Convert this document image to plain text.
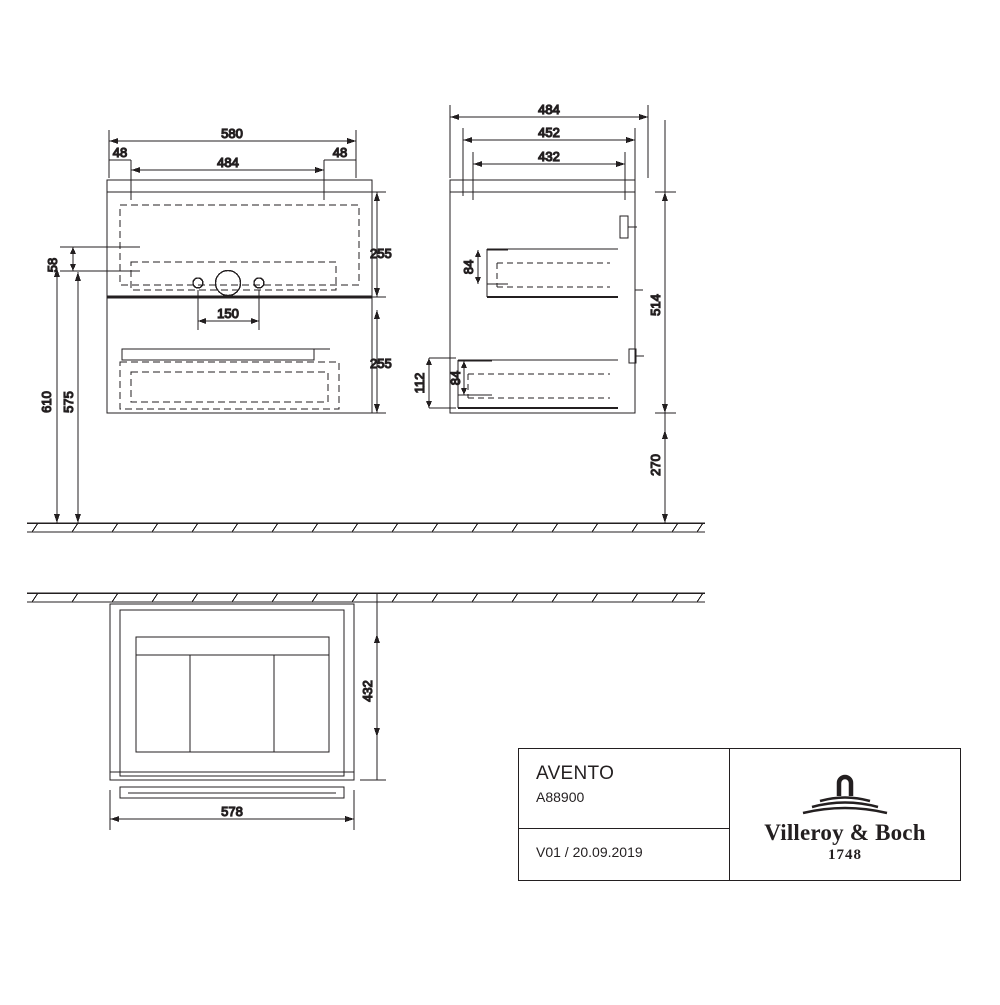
580
48
484
48
255
255
58
150
610 575
484
452
432
84
84
112
514
270
432
578
AVENTO
A88900
V01 / 20.09.2019
Villeroy & Boch
1748
